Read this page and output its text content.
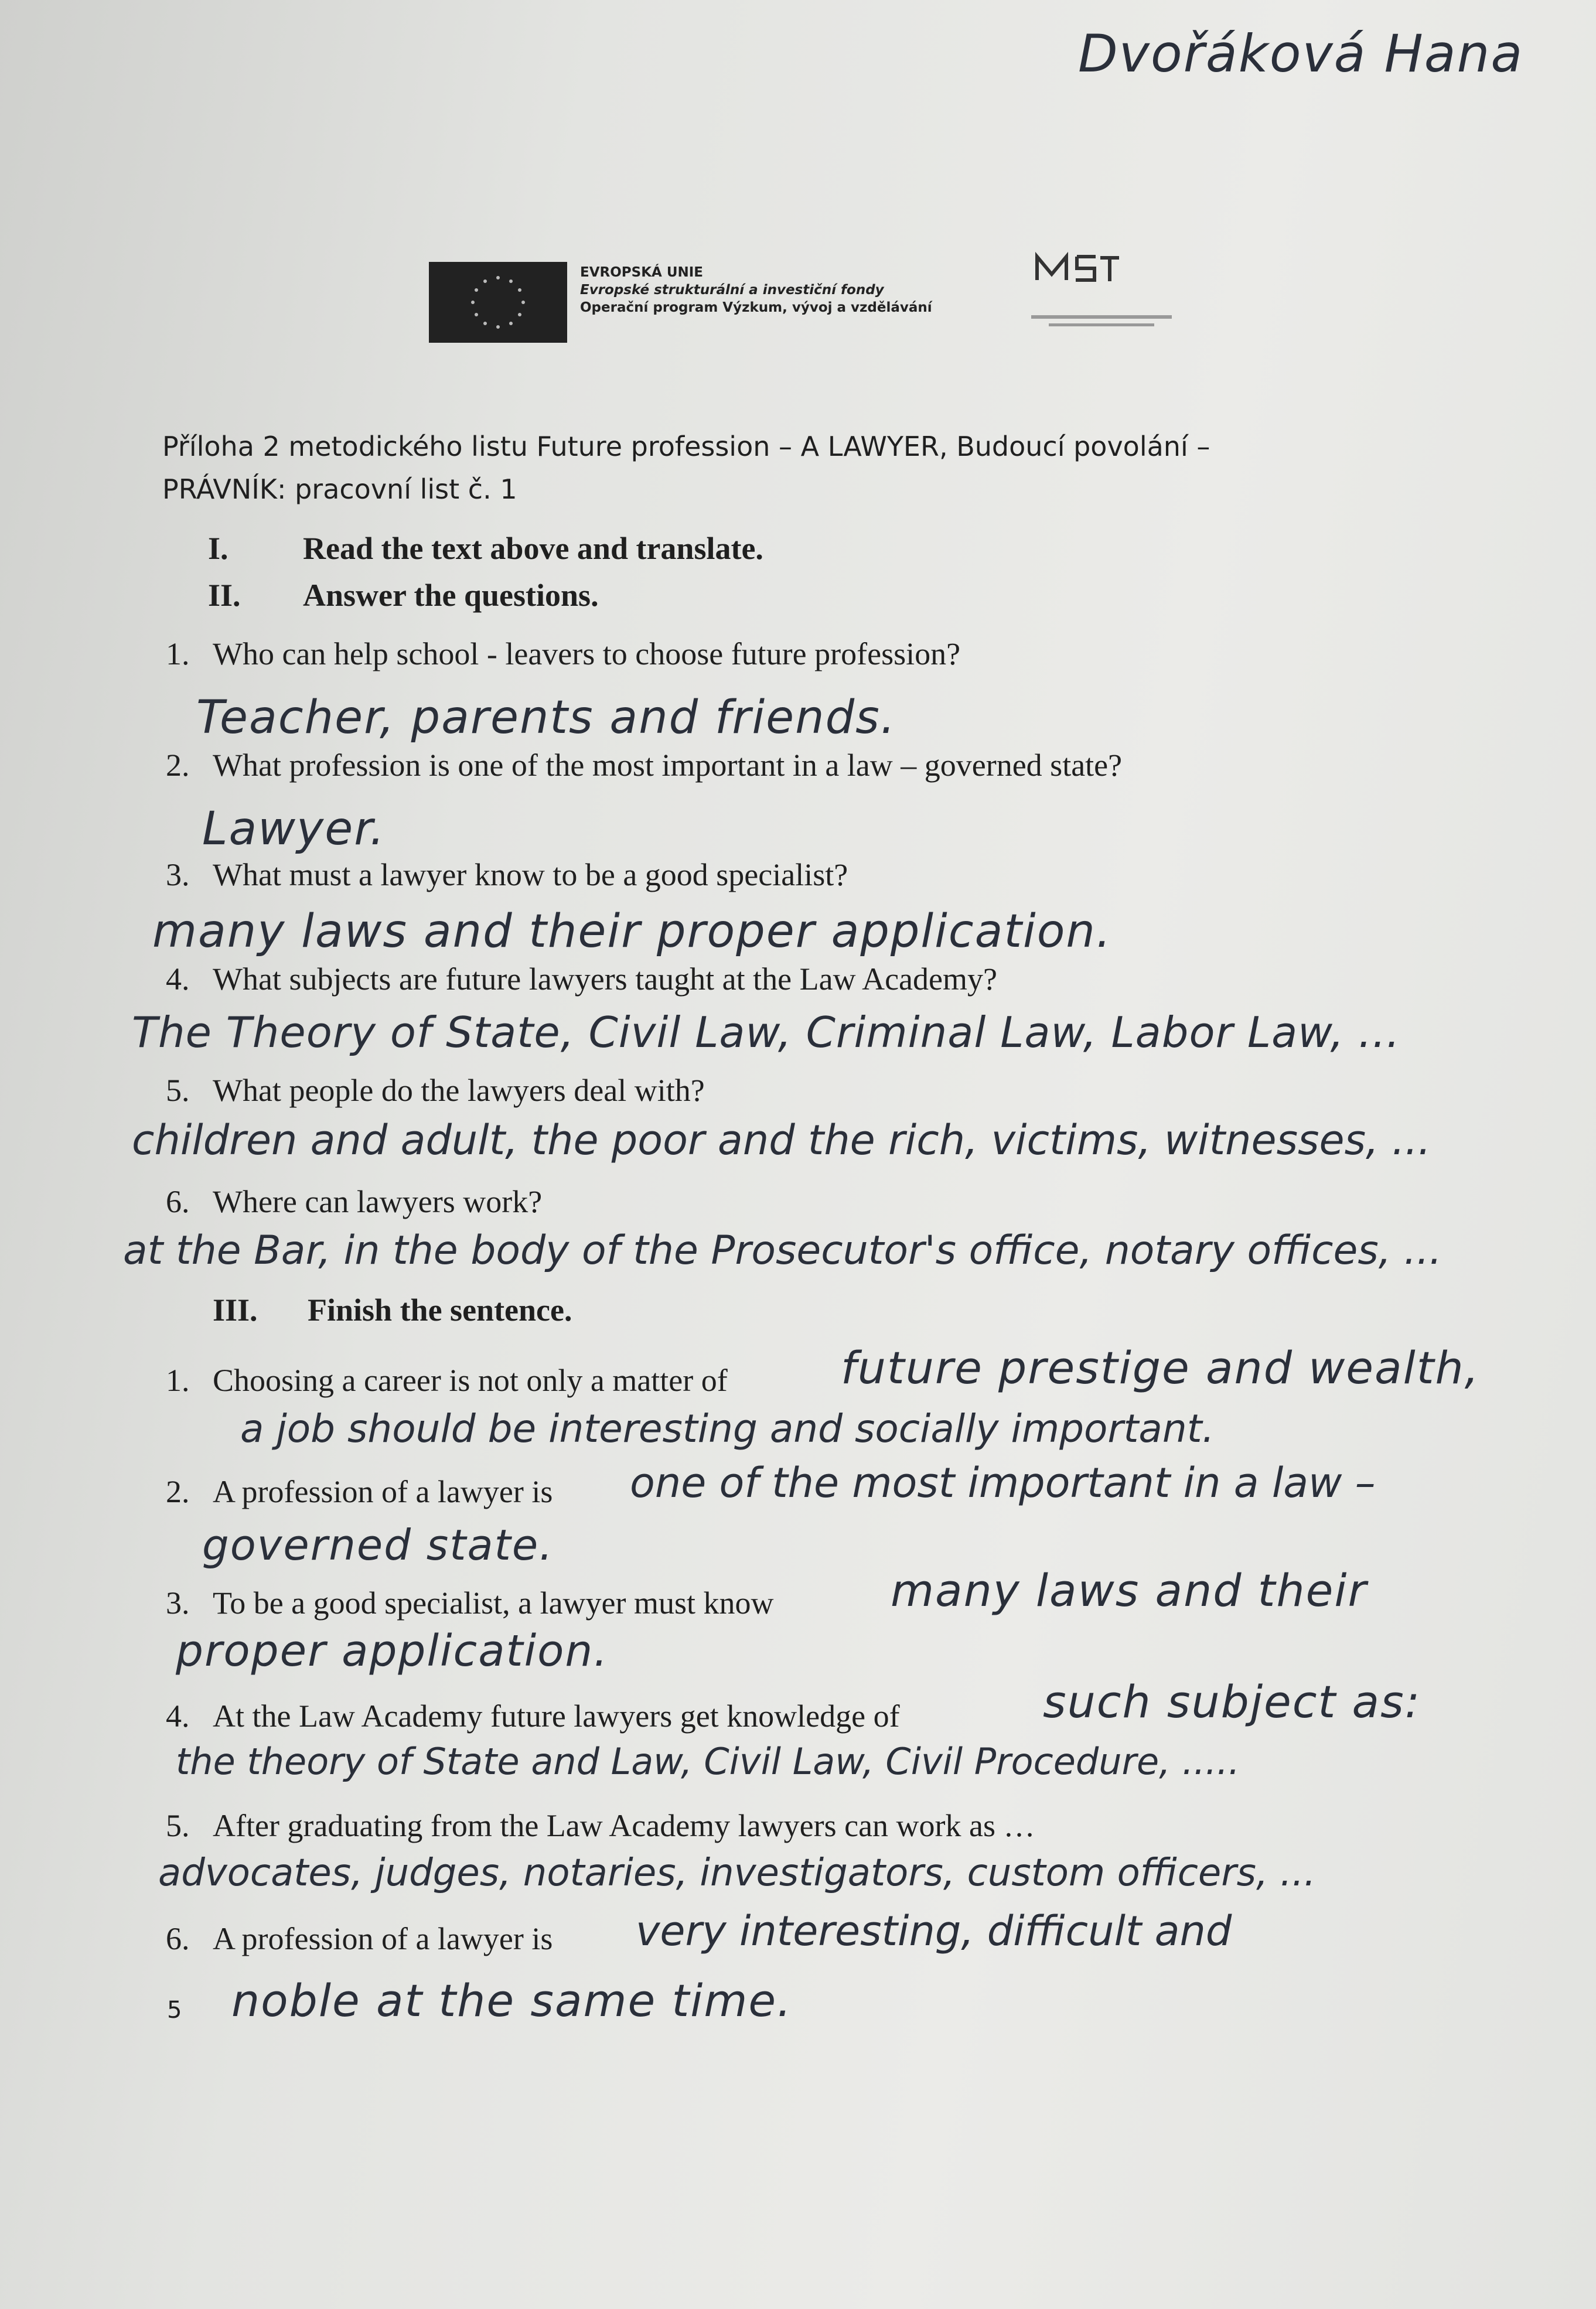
Dvořáková Hana
EVROPSKÁ UNIE
Evropské strukturální a investiční fondy
Operační program Výzkum, vývoj a vzdělávání
Příloha 2 metodického listu Future profession – A LAWYER, Budoucí povolání –
PRÁVNÍK: pracovní list č. 1
I. Read the text above and translate.
II. Answer the questions.
1. Who can help school - leavers to choose future profession?
Teacher, parents and friends.
2. What profession is one of the most important in a law – governed state?
Lawyer.
3. What must a lawyer know to be a good specialist?
many laws and their proper application.
4. What subjects are future lawyers taught at the Law Academy?
The Theory of State, Civil Law, Criminal Law, Labor Law, ...
5. What people do the lawyers deal with?
children and adult, the poor and the rich, victims, witnesses, ...
6. Where can lawyers work?
at the Bar, in the body of the Prosecutor's office, notary offices, ...
III. Finish the sentence.
1. Choosing a career is not only a matter of	future prestige and wealth,
a job should be interesting and socially important.
2. A profession of a lawyer is one of the most important in a law –
governed state.
3. To be a good specialist, a lawyer must know	many laws and their
proper application.
4. At the Law Academy future lawyers get knowledge of	such subject as:
the theory of State and Law, Civil Law, Civil Procedure, .....
5. After graduating from the Law Academy lawyers can work as …
advocates, judges, notaries, investigators, custom officers, ...
6. A profession of a lawyer is very interesting, difficult and
noble at the same time.
5
